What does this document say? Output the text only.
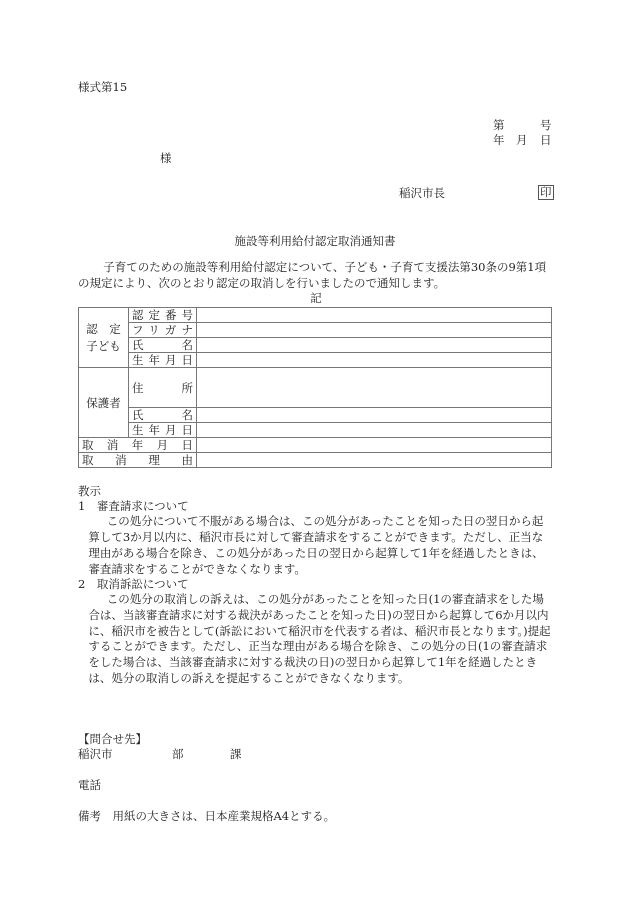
様式第15
第	号
年 月 日
様
稲沢市長	印
施設等利用給付認定取消通知書

子育てのための施設等利用給付認定について、子ども・子育て支援法第30条の9第1項の規定により、次のとおり認定の取消しを行いましたので通知します。

記

認　定
子ども	認定番号	
	フリガナ	
	氏名	
	生年月日	
保護者	住所	
	氏名	
	生年月日	
取消年月日		
取消理由		

教示

1　審査請求について

この処分について不服がある場合は、この処分があったことを知った日の翌日から起算して3か月以内に、稲沢市長に対して審査請求をすることができます。ただし、正当な理由がある場合を除き、この処分があった日の翌日から起算して1年を経過したときは、審査請求をすることができなくなります。

2　取消訴訟について

この処分の取消しの訴えは、この処分があったことを知った日(1の審査請求をした場合は、当該審査請求に対する裁決があったことを知った日)の翌日から起算して6か月以内に、稲沢市を被告として(訴訟において稲沢市を代表する者は、稲沢市長となります。)提起することができます。ただし、正当な理由がある場合を除き、この処分の日(1の審査請求をした場合は、当該審査請求に対する裁決の日)の翌日から起算して1年を経過したときは、処分の取消しの訴えを提起することができなくなります。

【問合せ先】

稲沢市	部	課

電話

備考　用紙の大きさは、日本産業規格A4とする。
